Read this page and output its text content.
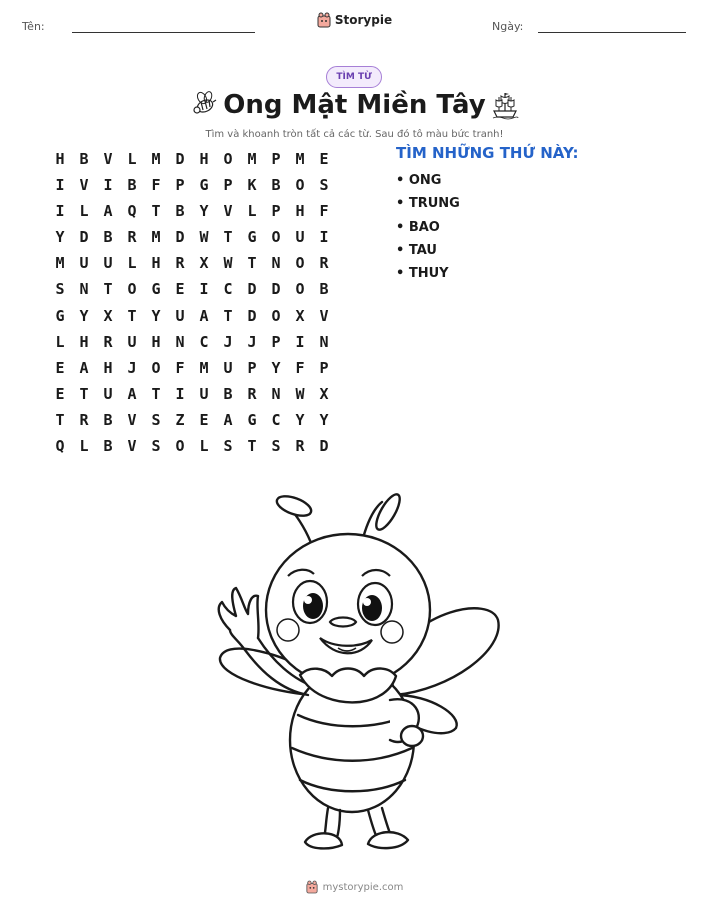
Tên:	Storypie	Ngày:
TÌM TỪ
Ong Mật Miền Tây
Tìm và khoanh tròn tất cả các từ. Sau đó tô màu bức tranh!
H B V L M D H O M P M E
I V I B F P G P K B O S
I L A Q T B Y V L P H F
Y D B R M D W T G O U I
M U U L H R X W T N O R
S N T O G E I C D D O B
G Y X T Y U A T D O X V
L H R U H N C J J P I N
E A H J O F M U P Y F P
E T U A T I U B R N W X
T R B V S Z E A G C Y Y
Q L B V S O L S T S R D
TÌM NHỮNG THỨ NÀY:
• ONG
• TRUNG
• BAO
• TAU
• THUY
mystorypie.com
